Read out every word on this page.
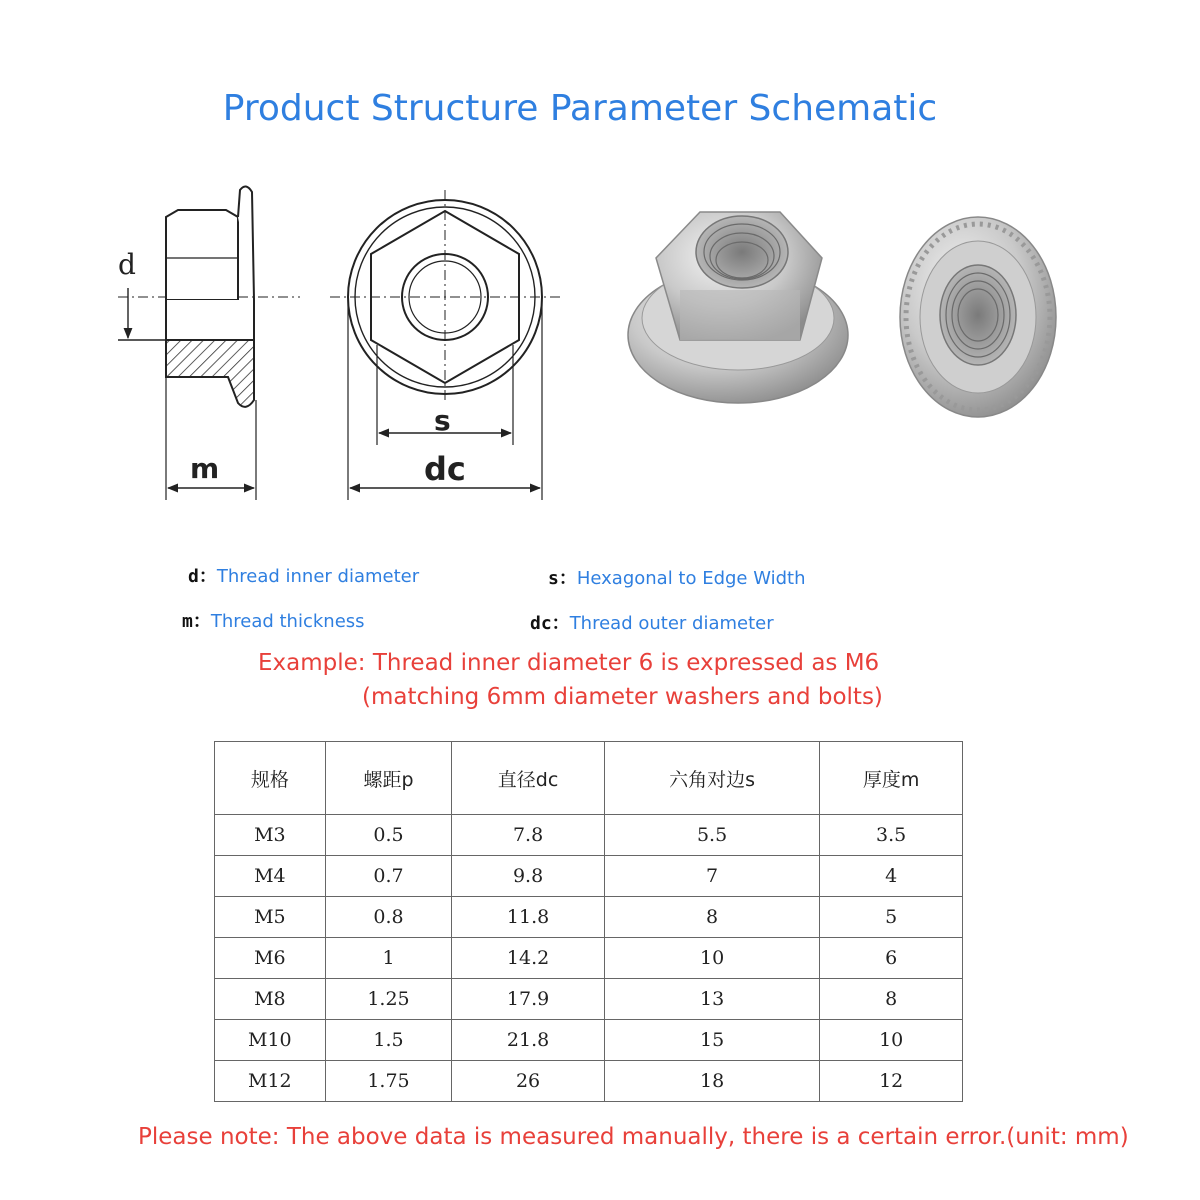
Product Structure Parameter Schematic
d
m
s
dc
d：Thread inner diameter	s：Hexagonal to Edge Width
m：Thread thickness	dc：Thread outer diameter
Example: Thread inner diameter 6 is expressed as M6
(matching 6mm diameter washers and bolts)
规格	螺距p	直径dc	六角对边s	厚度m
M3	0.5	7.8	5.5	3.5
M4	0.7	9.8	7	4
M5	0.8	11.8	8	5
M6	1	14.2	10	6
M8	1.25	17.9	13	8
M10	1.5	21.8	15	10
M12	1.75	26	18	12
Please note: The above data is measured manually, there is a certain error.(unit: mm)
